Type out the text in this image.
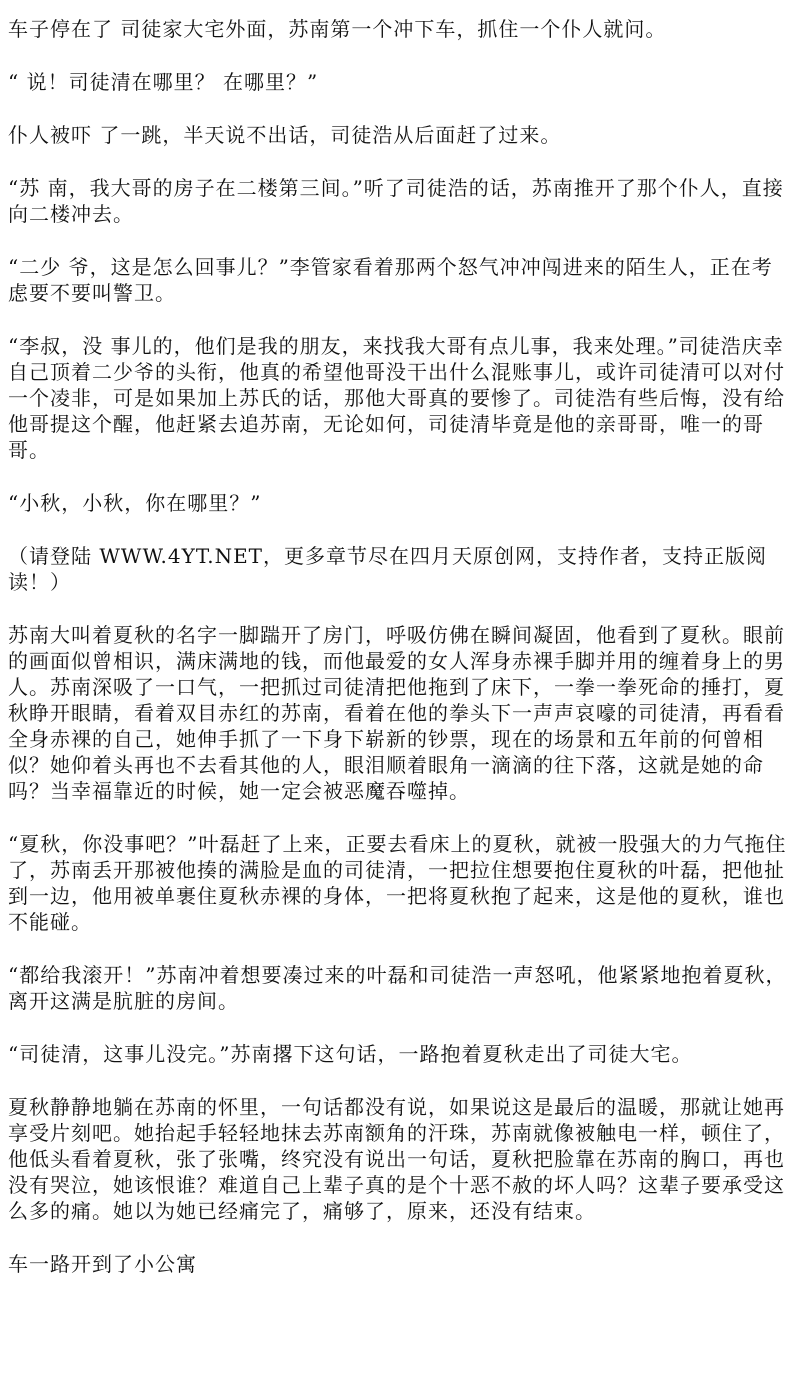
车子停在了 司徒家大宅外面，苏南第一个冲下车，抓住一个仆人就问。

“ 说！司徒清在哪里？ 在哪里？”

仆人被吓 了一跳，半天说不出话，司徒浩从后面赶了过来。

“苏 南，我大哥的房子在二楼第三间。”听了司徒浩的话，苏南推开了那个仆人，直接向二楼冲去。

“二少 爷，这是怎么回事儿？”李管家看着那两个怒气冲冲闯进来的陌生人，正在考虑要不要叫警卫。

“李叔，没 事儿的，他们是我的朋友，来找我大哥有点儿事，我来处理。”司徒浩庆幸自己顶着二少爷的头衔，他真的希望他哥没干出什么混账事儿，或许司徒清可以对付一个凌非，可是如果加上苏氏的话，那他大哥真的要惨了。司徒浩有些后悔，没有给他哥提这个醒，他赶紧去追苏南，无论如何，司徒清毕竟是他的亲哥哥，唯一的哥哥。

“小秋，小秋，你在哪里？”

（请登陆 WWW.4YT.NET，更多章节尽在四月天原创网，支持作者，支持正版阅读！）

苏南大叫着夏秋的名字一脚踹开了房门，呼吸仿佛在瞬间凝固，他看到了夏秋。眼前的画面似曾相识，满床满地的钱，而他最爱的女人浑身赤裸手脚并用的缠着身上的男人。苏南深吸了一口气，一把抓过司徒清把他拖到了床下，一拳一拳死命的捶打，夏秋睁开眼睛，看着双目赤红的苏南，看着在他的拳头下一声声哀嚎的司徒清，再看看全身赤裸的自己，她伸手抓了一下身下崭新的钞票，现在的场景和五年前的何曾相似？她仰着头再也不去看其他的人，眼泪顺着眼角一滴滴的往下落，这就是她的命吗？当幸福靠近的时候，她一定会被恶魔吞噬掉。

“夏秋，你没事吧？”叶磊赶了上来，正要去看床上的夏秋，就被一股强大的力气拖住了，苏南丢开那被他揍的满脸是血的司徒清，一把拉住想要抱住夏秋的叶磊，把他扯到一边，他用被单裹住夏秋赤裸的身体，一把将夏秋抱了起来，这是他的夏秋，谁也不能碰。

“都给我滚开！”苏南冲着想要凑过来的叶磊和司徒浩一声怒吼，他紧紧地抱着夏秋，离开这满是肮脏的房间。

“司徒清，这事儿没完。”苏南撂下这句话，一路抱着夏秋走出了司徒大宅。

夏秋静静地躺在苏南的怀里，一句话都没有说，如果说这是最后的温暖，那就让她再享受片刻吧。她抬起手轻轻地抹去苏南额角的汗珠，苏南就像被触电一样，顿住了，他低头看着夏秋，张了张嘴，终究没有说出一句话，夏秋把脸靠在苏南的胸口，再也没有哭泣，她该恨谁？难道自己上辈子真的是个十恶不赦的坏人吗？这辈子要承受这么多的痛。她以为她已经痛完了，痛够了，原来，还没有结束。

车一路开到了小公寓
